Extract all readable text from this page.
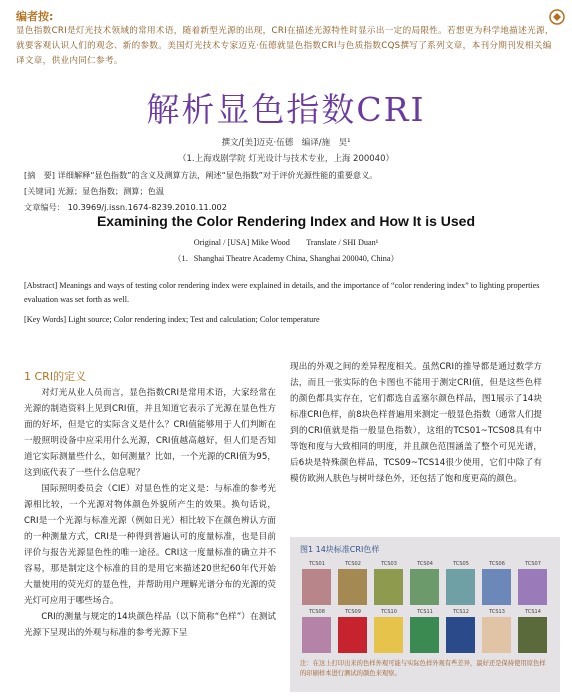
编者按:
显色指数CRI是灯光技术领域的常用术语，随着新型光源的出现，CRI在描述光源特性时显示出一定的局限性。若想更为科学地描述光源，就要客观认识人们的观念、新的参数。美国灯光技术专家迈克·伍德就显色指数CRI与色质指数CQS撰写了系列文章，本刊分期刊发相关编译文章，供业内同仁参考。
解析显色指数CRI
撰文/[美]迈克·伍德　编译/施　昊¹
（1.上海戏剧学院 灯光设计与技术专业，上海 200040）
[摘　要] 详细解释“显色指数”的含义及测算方法，阐述“显色指数”对于评价光源性能的重要意义。
[关键词] 光源；显色指数；测算；色温
文章编号： 10.3969/j.issn.1674-8239.2010.11.002
Examining the Color Rendering Index and How It is Used
Original / [USA] Mike Wood　　Translate / SHI Duan¹
（1．Shanghai Theatre Academy China, Shanghai 200040, China）
[Abstract] Meanings and ways of testing color rendering index were explained in details, and the importance of “color rendering index” to lighting properties evaluation was set forth as well.
[Key Words] Light source; Color rendering index; Test and calculation; Color temperature
1 CRI的定义

对灯光从业人员而言，显色指数CRI是常用术语，大家经常在光源的制造资料上见到CRI值，并且知道它表示了光源在显色性方面的好坏，但是它的实际含义是什么？CRI值能够用于人们判断在一般照明设备中应采用什么光源，CRI值越高越好，但人们是否知道它实际测量些什么，如何测量？比如，一个光源的CRI值为95，这到底代表了一些什么信息呢？

国际照明委员会（CIE）对显色性的定义是：与标准的参考光源相比较，一个光源对物体颜色外貌所产生的效果。换句话说，CRI是一个光源与标准光源（例如日光）相比较下在颜色辨认方面的一种测量方式，CRI是一种得到普遍认可的度量标准，也是目前评价与报告光源显色性的唯一途径。CRI这一度量标准的确立并不容易，那是制定这个标准的目的是用它来描述20世纪60年代开始大量使用的荧光灯的显色性，并帮助用户理解光谱分布的光源的荧光灯可应用于哪些场合。

CRI的测量与规定的14块颜色样品（以下简称“色样”）在测试光源下呈现出的外观与标准的参考光源下呈

现出的外观之间的差异程度相关。虽然CRI的推导都是通过数学方法，而且一张实际的色卡图也不能用于测定CRI值，但是这些色样的颜色都具实存在，它们都选自孟塞尔颜色样品，图1展示了14块标准CRI色样，前8块色样普遍用来测定一般显色指数（通常人们提到的CRI值就是指一般显色指数），这组的TCS01~TCS08具有中等饱和度与大致相同的明度，并且颜色范围涵盖了整个可见光谱，后6块是特殊颜色样品，TCS09~TCS14很少使用，它们中除了有模仿欧洲人肤色与树叶绿色外，还包括了饱和度更高的颜色。

图1 14块标准CRI色样
TCS01	TCS02	TCS03	TCS04	TCS05	TCS06	TCS07
TCS08	TCS09	TCS10	TCS11	TCS12	TCS13	TCS14
注：在这上打印出来的色样外观可能与实际色样外观有些差异，最好还是保持使用原色样的印刷样本进行测试的颜色来观察。
